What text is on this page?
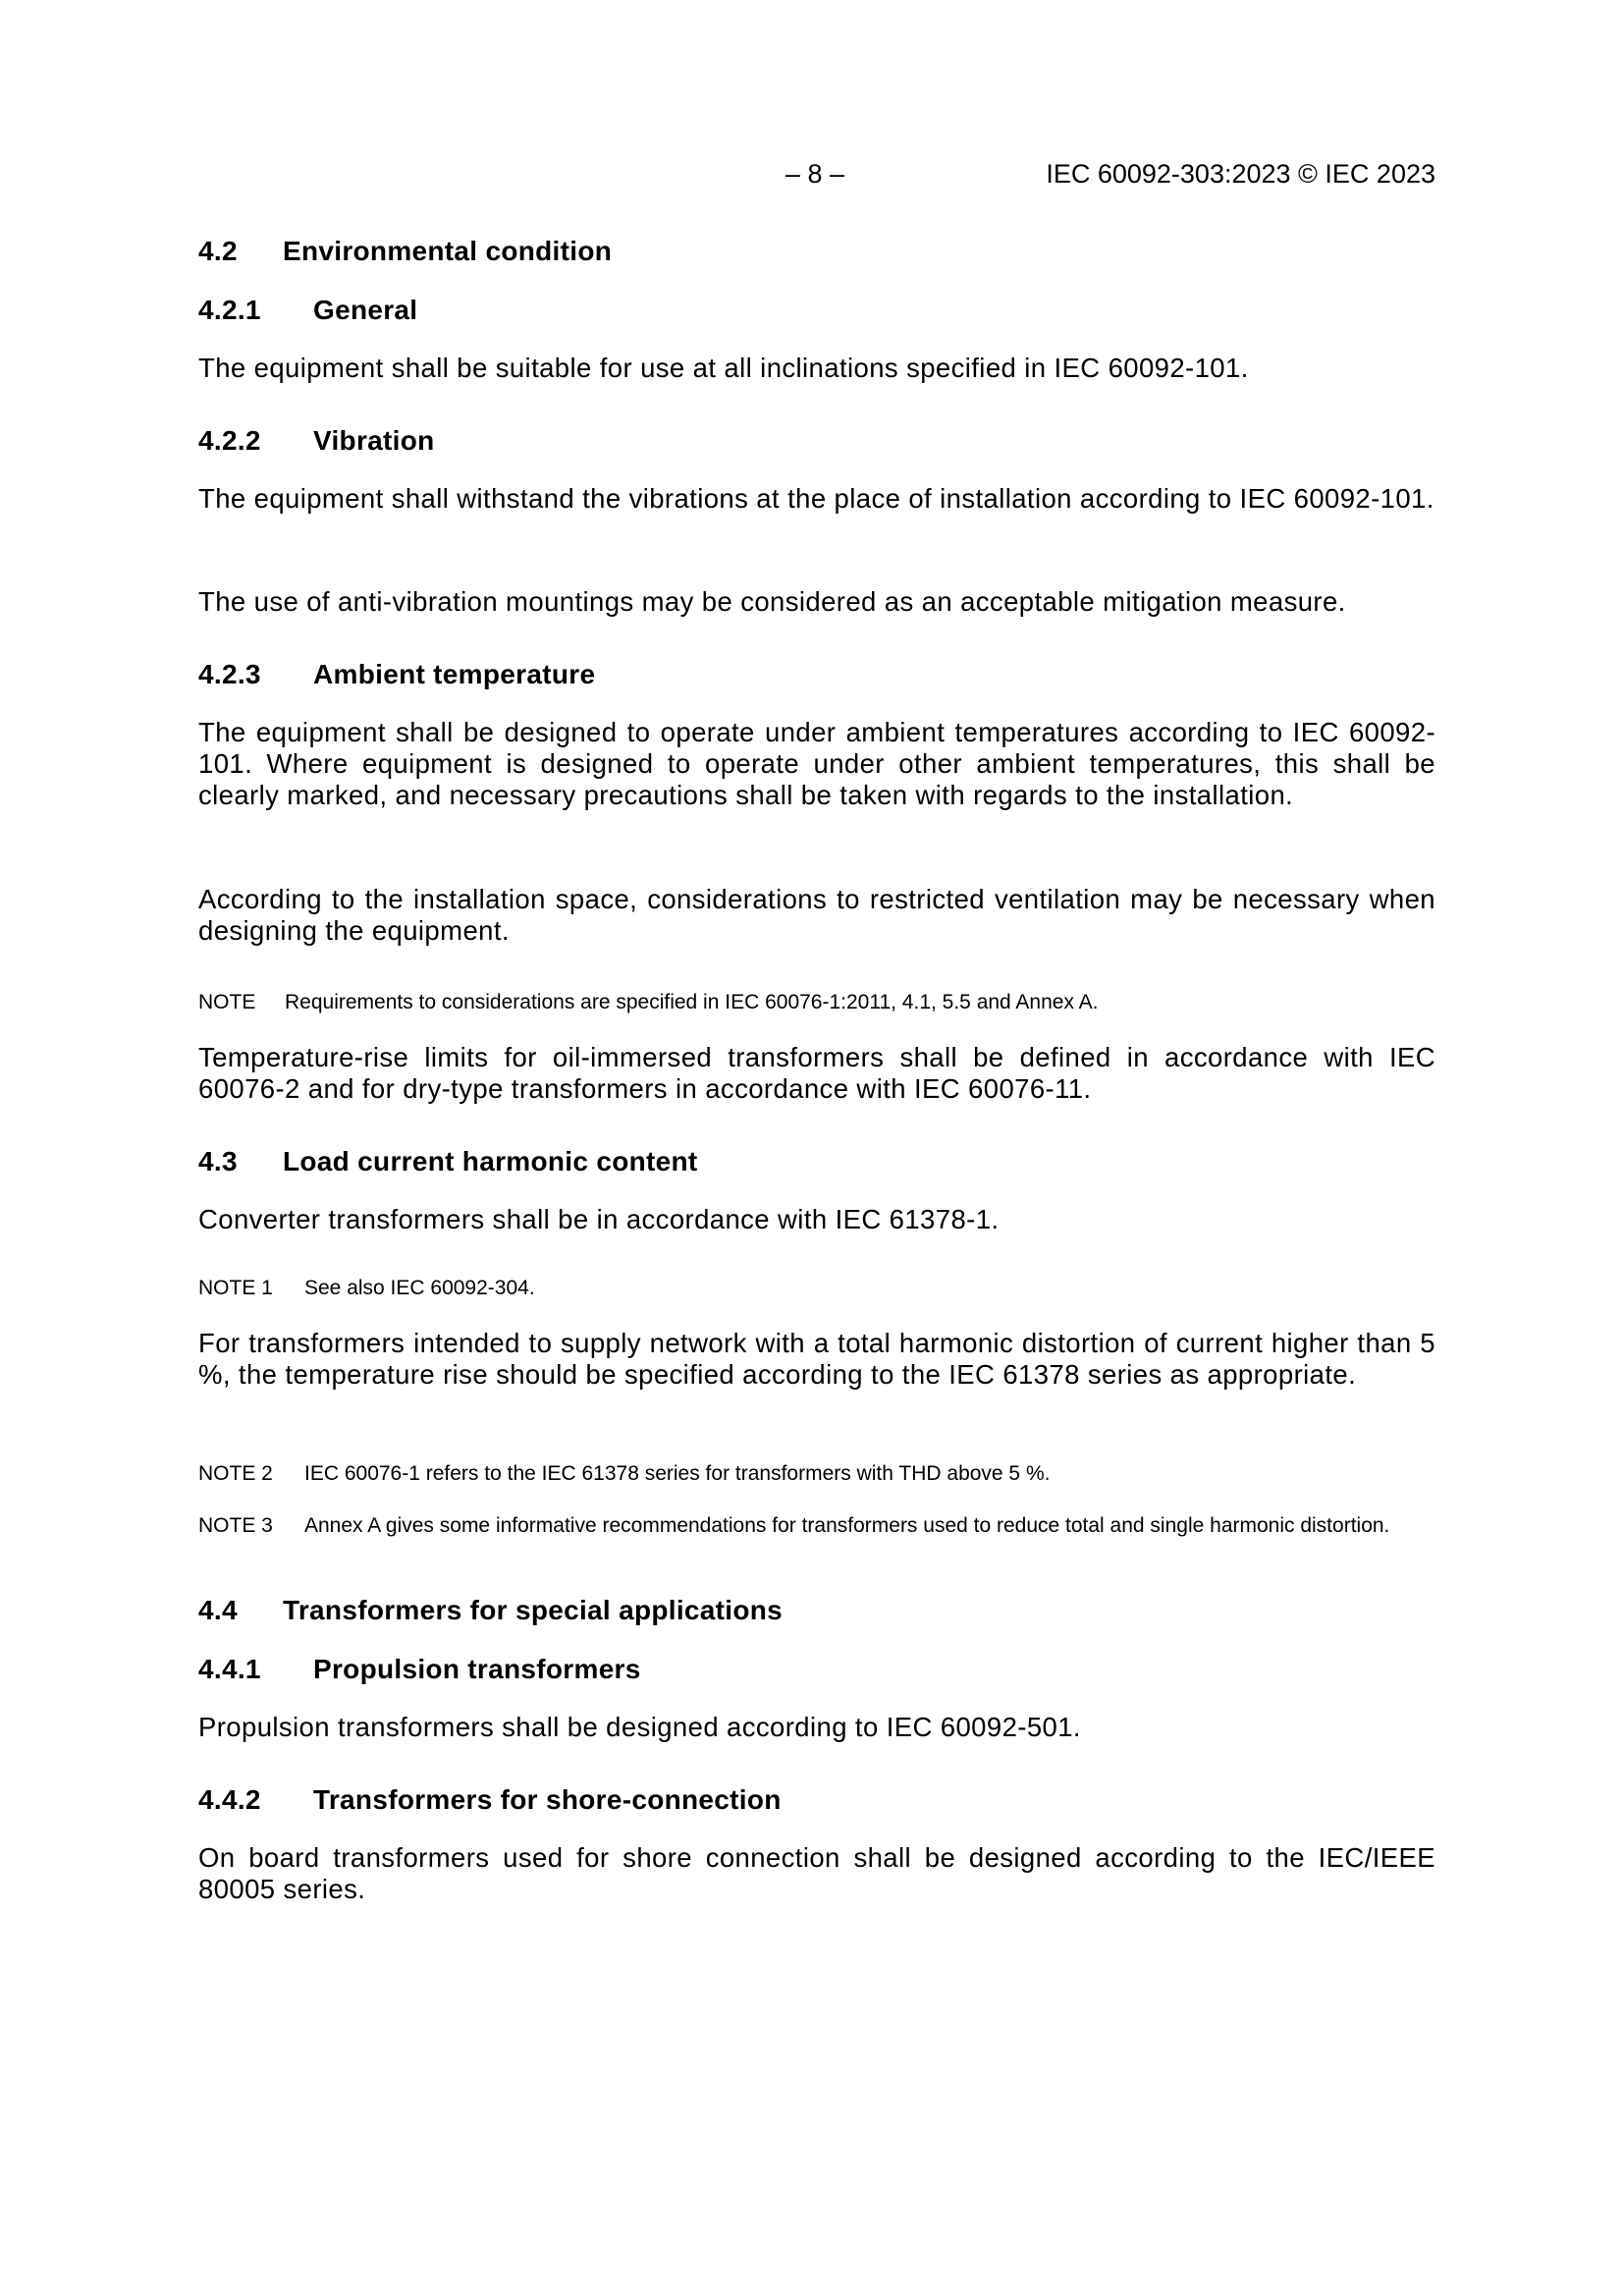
– 8 –	IEC 60092-303:2023 © IEC 2023
4.2 Environmental condition
4.2.1 General
The equipment shall be suitable for use at all inclinations specified in IEC 60092-101.
4.2.2 Vibration
The equipment shall withstand the vibrations at the place of installation according to IEC 60092-101.
The use of anti-vibration mountings may be considered as an acceptable mitigation measure.
4.2.3 Ambient temperature
The equipment shall be designed to operate under ambient temperatures according to IEC 60092-101. Where equipment is designed to operate under other ambient temperatures, this shall be clearly marked, and necessary precautions shall be taken with regards to the installation.
According to the installation space, considerations to restricted ventilation may be necessary when designing the equipment.
NOTE Requirements to considerations are specified in IEC 60076-1:2011, 4.1, 5.5 and Annex A.
Temperature-rise limits for oil-immersed transformers shall be defined in accordance with IEC 60076-2 and for dry-type transformers in accordance with IEC 60076-11.
4.3 Load current harmonic content
Converter transformers shall be in accordance with IEC 61378-1.
NOTE 1 See also IEC 60092-304.
For transformers intended to supply network with a total harmonic distortion of current higher than 5 %, the temperature rise should be specified according to the IEC 61378 series as appropriate.
NOTE 2 IEC 60076-1 refers to the IEC 61378 series for transformers with THD above 5 %.
NOTE 3 Annex A gives some informative recommendations for transformers used to reduce total and single harmonic distortion.
4.4 Transformers for special applications
4.4.1 Propulsion transformers
Propulsion transformers shall be designed according to IEC 60092-501.
4.4.2 Transformers for shore-connection
On board transformers used for shore connection shall be designed according to the IEC/IEEE 80005 series.
